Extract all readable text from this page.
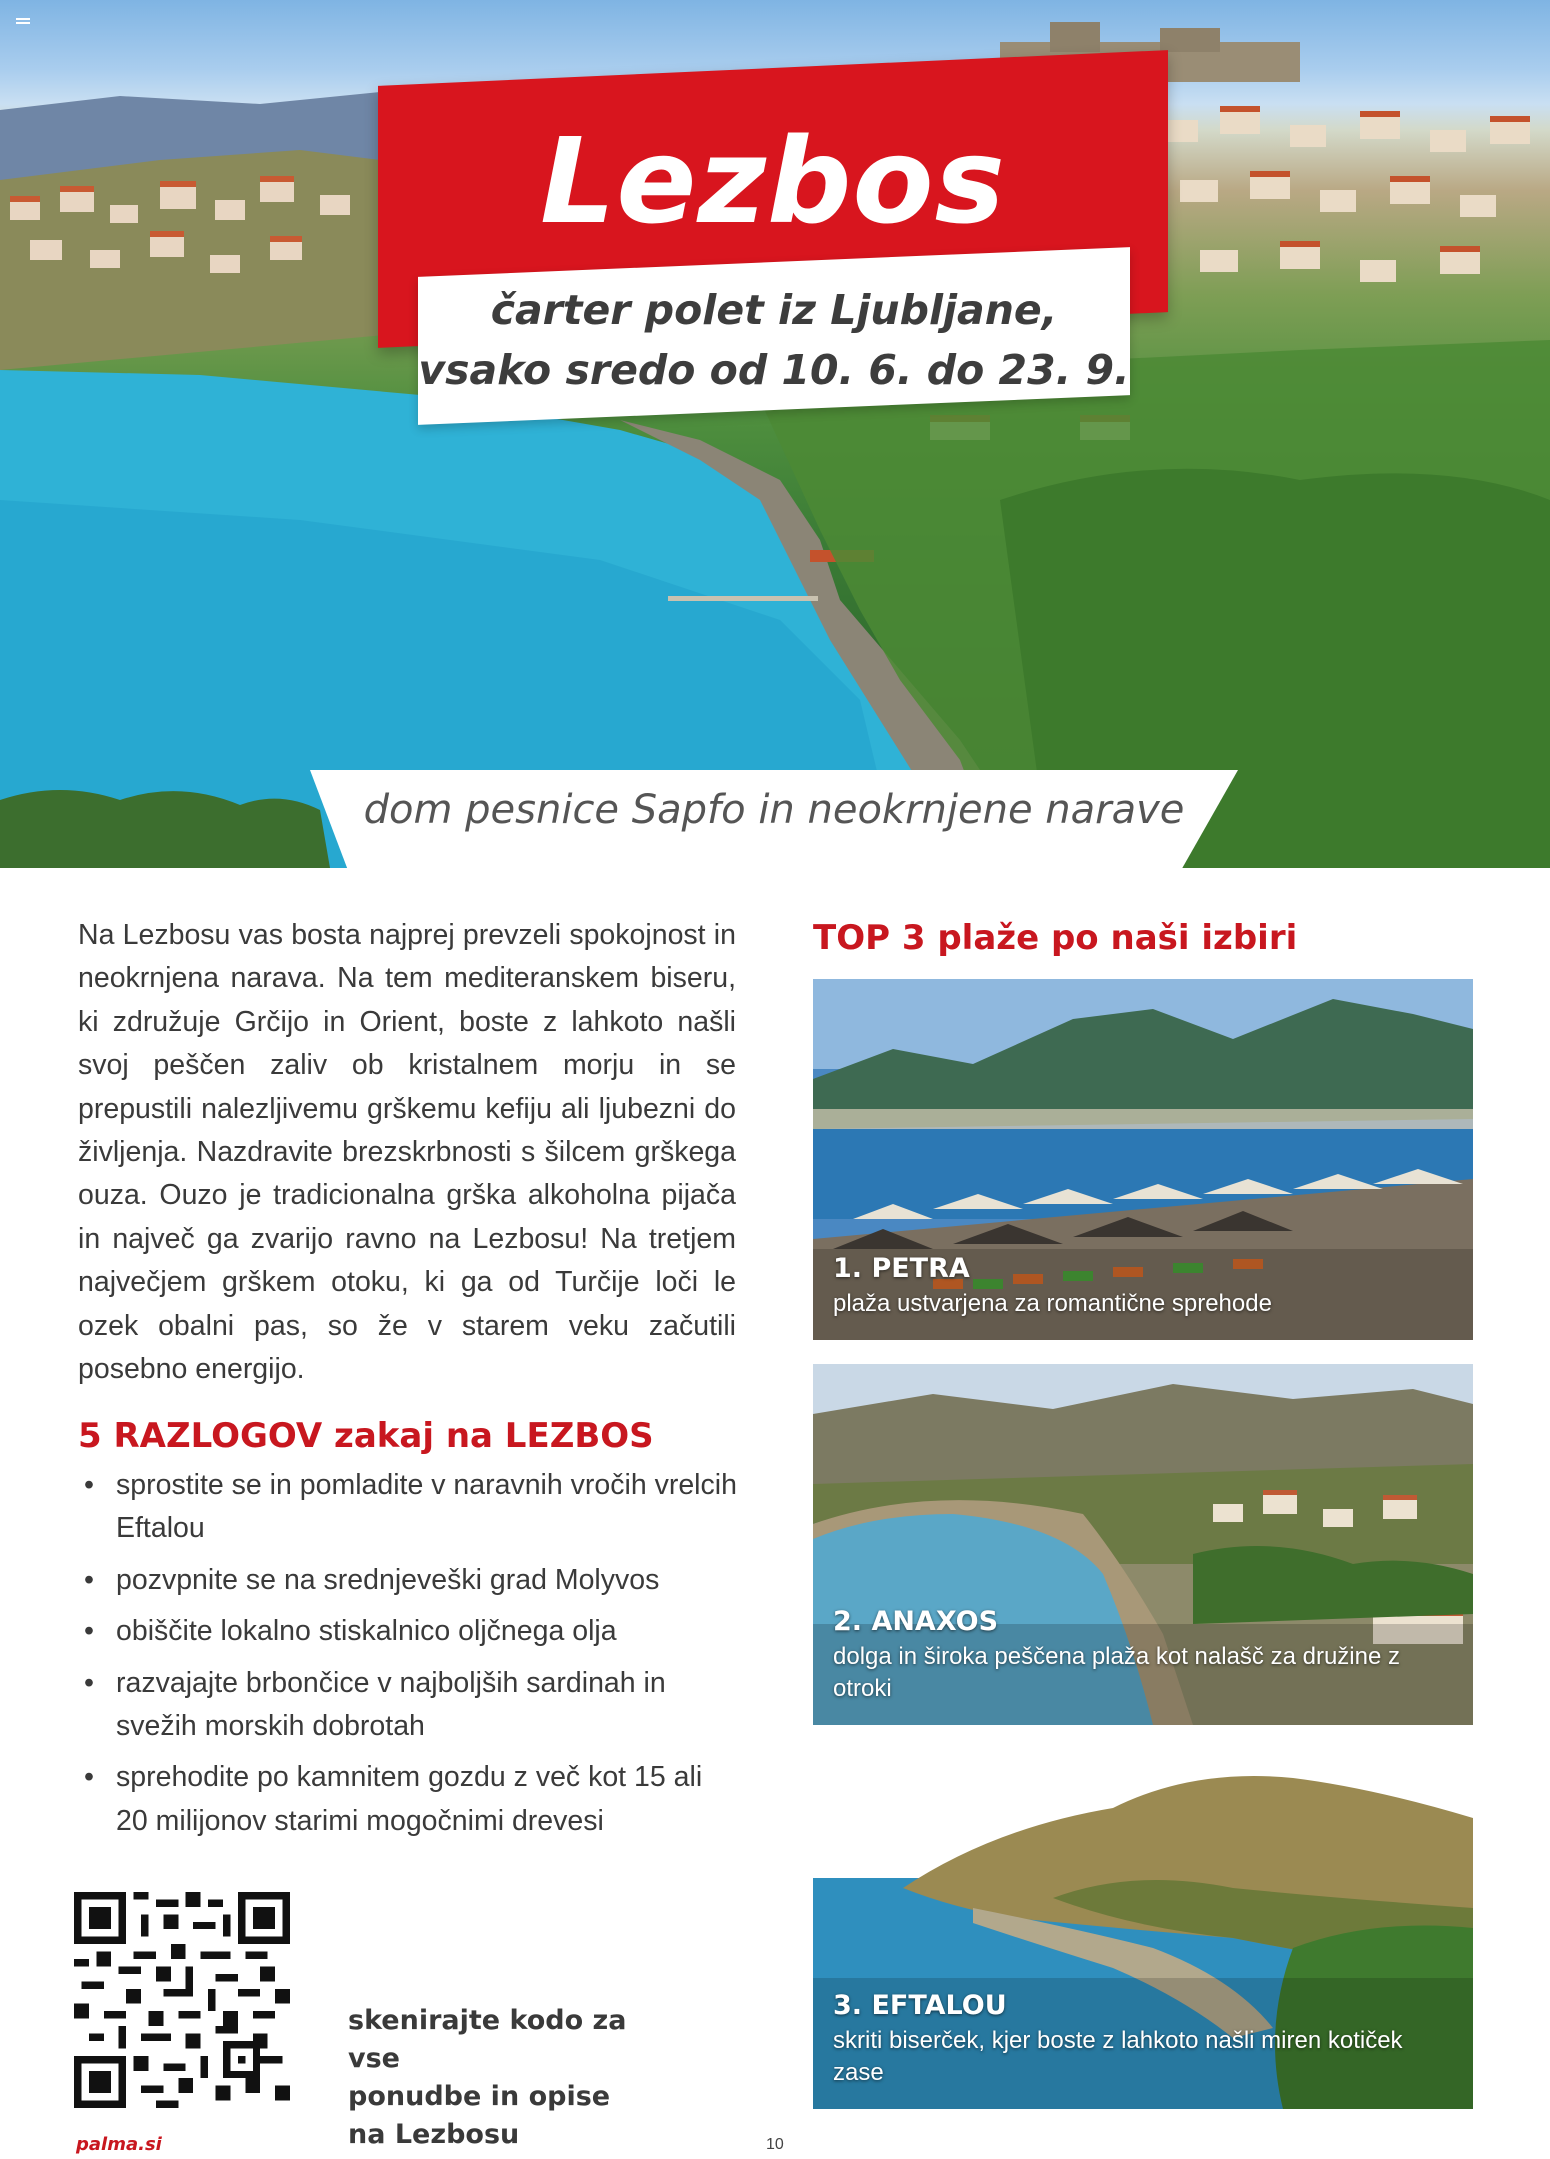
Lezbos
čarter polet iz Ljubljane,
vsako sredo od 10. 6. do 23. 9.
dom pesnice Sapfo in neokrnjene narave

Na Lezbosu vas bosta najprej prevzeli spokojnost in neokrnjena narava. Na tem mediteranskem biseru, ki združuje Grčijo in Orient, boste z lahkoto našli svoj peščen zaliv ob kristalnem morju in se prepustili nalezljivemu grškemu kefiju ali ljubezni do življenja. Nazdravite brezskrbnosti s šilcem grškega ouza. Ouzo je tradicionalna grška alkoholna pijača in največ ga zvarijo ravno na Lezbosu! Na tretjem največjem grškem otoku, ki ga od Turčije loči le ozek obalni pas, so že v starem veku začutili posebno energijo.

5 RAZLOGOV zakaj na LEZBOS
• sprostite se in pomladite v naravnih vročih vrelcih Eftalou
• pozvpnite se na srednjeveški grad Molyvos
• obiščite lokalno stiskalnico oljčnega olja
• razvajajte brbončice v najboljših sardinah in svežih morskih dobrotah
• sprehodite po kamnitem gozdu z več kot 15 ali 20 milijonov starimi mogočnimi drevesi
skenirajte kodo za vse
ponudbe in opise
na Lezbosu
TOP 3 plaže po naši izbiri
1. PETRA
plaža ustvarjena za romantične sprehode
2. ANAXOS
dolga in široka peščena plaža kot nalašč za družine z otroki
3. EFTALOU
skriti biserček, kjer boste z lahkoto našli miren kotiček zase
palma.si	10
